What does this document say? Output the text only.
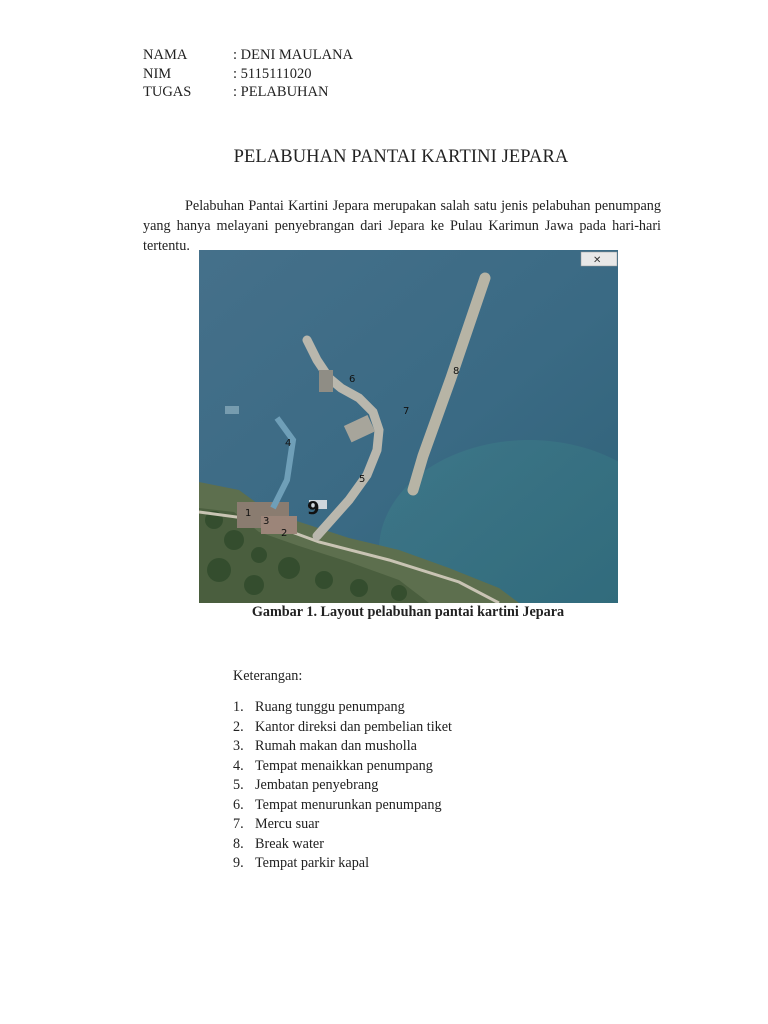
NAMA	: DENI MAULANA
NIM	: 5115111020
TUGAS	: PELABUHAN
PELABUHAN PANTAI KARTINI JEPARA

Pelabuhan Pantai Kartini Jepara merupakan salah satu jenis pelabuhan penumpang yang hanya melayani penyebrangan dari Jepara ke Pulau Karimun Jawa pada hari-hari tertentu.

1
2
3
4
5
6
7
8
9
✕
Gambar 1. Layout pelabuhan pantai kartini Jepara
Keterangan:
1. Ruang tunggu penumpang
2. Kantor direksi dan pembelian tiket
3. Rumah makan dan musholla
4. Tempat menaikkan penumpang
5. Jembatan penyebrang
6. Tempat menurunkan penumpang
7. Mercu suar
8. Break water
9. Tempat parkir kapal
